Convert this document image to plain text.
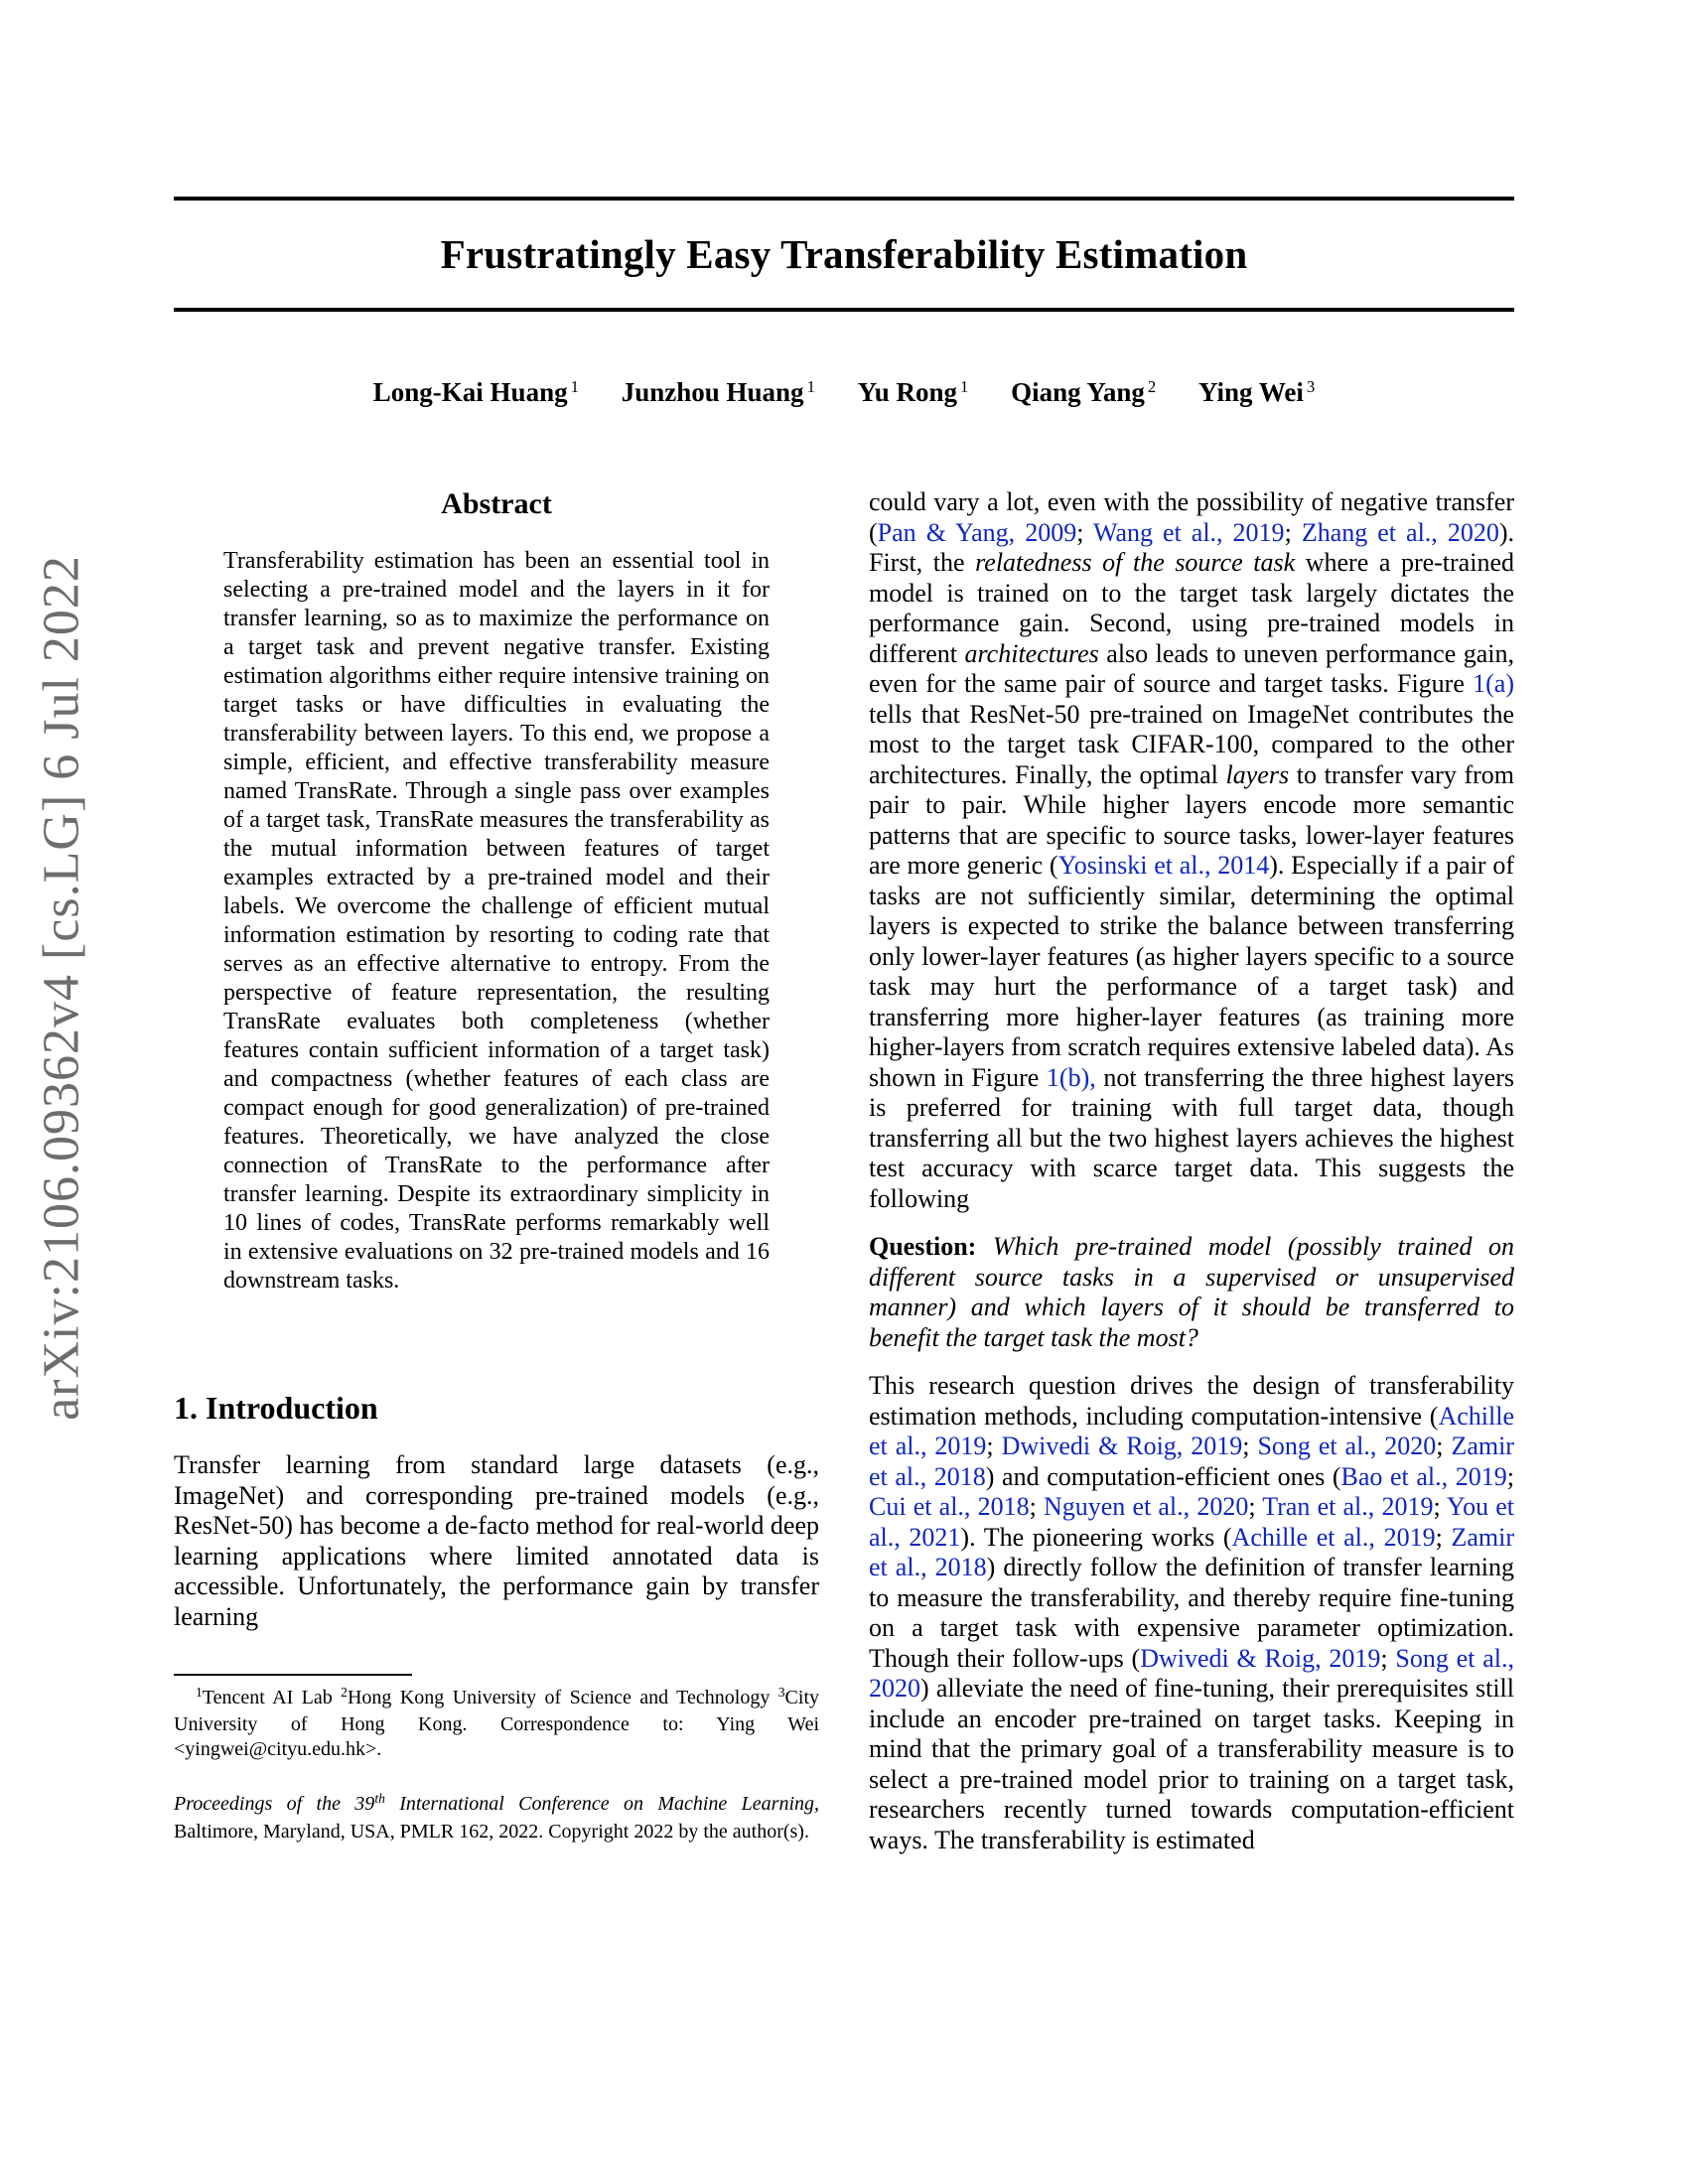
arXiv:2106.09362v4 [cs.LG] 6 Jul 2022
Frustratingly Easy Transferability Estimation
Long-Kai Huang $^1$ Junzhou Huang $^1$ Yu Rong $^1$ Qiang Yang $^2$ Ying Wei $^3$
Abstract
Transferability estimation has been an essential tool in selecting a pre-trained model and the layers in it for transfer learning, so as to maximize the performance on a target task and prevent negative transfer. Existing estimation algorithms either require intensive training on target tasks or have difficulties in evaluating the transferability between layers. To this end, we propose a simple, efficient, and effective transferability measure named TransRate. Through a single pass over examples of a target task, TransRate measures the transferability as the mutual information between features of target examples extracted by a pre-trained model and their labels. We overcome the challenge of efficient mutual information estimation by resorting to coding rate that serves as an effective alternative to entropy. From the perspective of feature representation, the resulting TransRate evaluates both completeness (whether features contain sufficient information of a target task) and compactness (whether features of each class are compact enough for good generalization) of pre-trained features. Theoretically, we have analyzed the close connection of TransRate to the performance after transfer learning. Despite its extraordinary simplicity in 10 lines of codes, TransRate performs remarkably well in extensive evaluations on 32 pre-trained models and 16 downstream tasks.
1. Introduction
Transfer learning from standard large datasets (e.g., ImageNet) and corresponding pre-trained models (e.g., ResNet-50) has become a de-facto method for real-world deep learning applications where limited annotated data is accessible. Unfortunately, the performance gain by transfer learning
$^1$Tencent AI Lab $^2$Hong Kong University of Science and Technology $^3$City University of Hong Kong. Correspondence to: Ying Wei <yingwei@cityu.edu.hk>.
Proceedings of the 39th International Conference on Machine Learning, Baltimore, Maryland, USA, PMLR 162, 2022. Copyright 2022 by the author(s).
could vary a lot, even with the possibility of negative transfer (Pan & Yang, 2009; Wang et al., 2019; Zhang et al., 2020). First, the relatedness of the source task where a pre-trained model is trained on to the target task largely dictates the performance gain. Second, using pre-trained models in different architectures also leads to uneven performance gain, even for the same pair of source and target tasks. Figure 1(a) tells that ResNet-50 pre-trained on ImageNet contributes the most to the target task CIFAR-100, compared to the other architectures. Finally, the optimal layers to transfer vary from pair to pair. While higher layers encode more semantic patterns that are specific to source tasks, lower-layer features are more generic (Yosinski et al., 2014). Especially if a pair of tasks are not sufficiently similar, determining the optimal layers is expected to strike the balance between transferring only lower-layer features (as higher layers specific to a source task may hurt the performance of a target task) and transferring more higher-layer features (as training more higher-layers from scratch requires extensive labeled data). As shown in Figure 1(b), not transferring the three highest layers is preferred for training with full target data, though transferring all but the two highest layers achieves the highest test accuracy with scarce target data. This suggests the following
Question: Which pre-trained model (possibly trained on different source tasks in a supervised or unsupervised manner) and which layers of it should be transferred to benefit the target task the most?
This research question drives the design of transferability estimation methods, including computation-intensive (Achille et al., 2019; Dwivedi & Roig, 2019; Song et al., 2020; Zamir et al., 2018) and computation-efficient ones (Bao et al., 2019; Cui et al., 2018; Nguyen et al., 2020; Tran et al., 2019; You et al., 2021). The pioneering works (Achille et al., 2019; Zamir et al., 2018) directly follow the definition of transfer learning to measure the transferability, and thereby require fine-tuning on a target task with expensive parameter optimization. Though their follow-ups (Dwivedi & Roig, 2019; Song et al., 2020) alleviate the need of fine-tuning, their prerequisites still include an encoder pre-trained on target tasks. Keeping in mind that the primary goal of a transferability measure is to select a pre-trained model prior to training on a target task, researchers recently turned towards computation-efficient ways. The transferability is estimated
